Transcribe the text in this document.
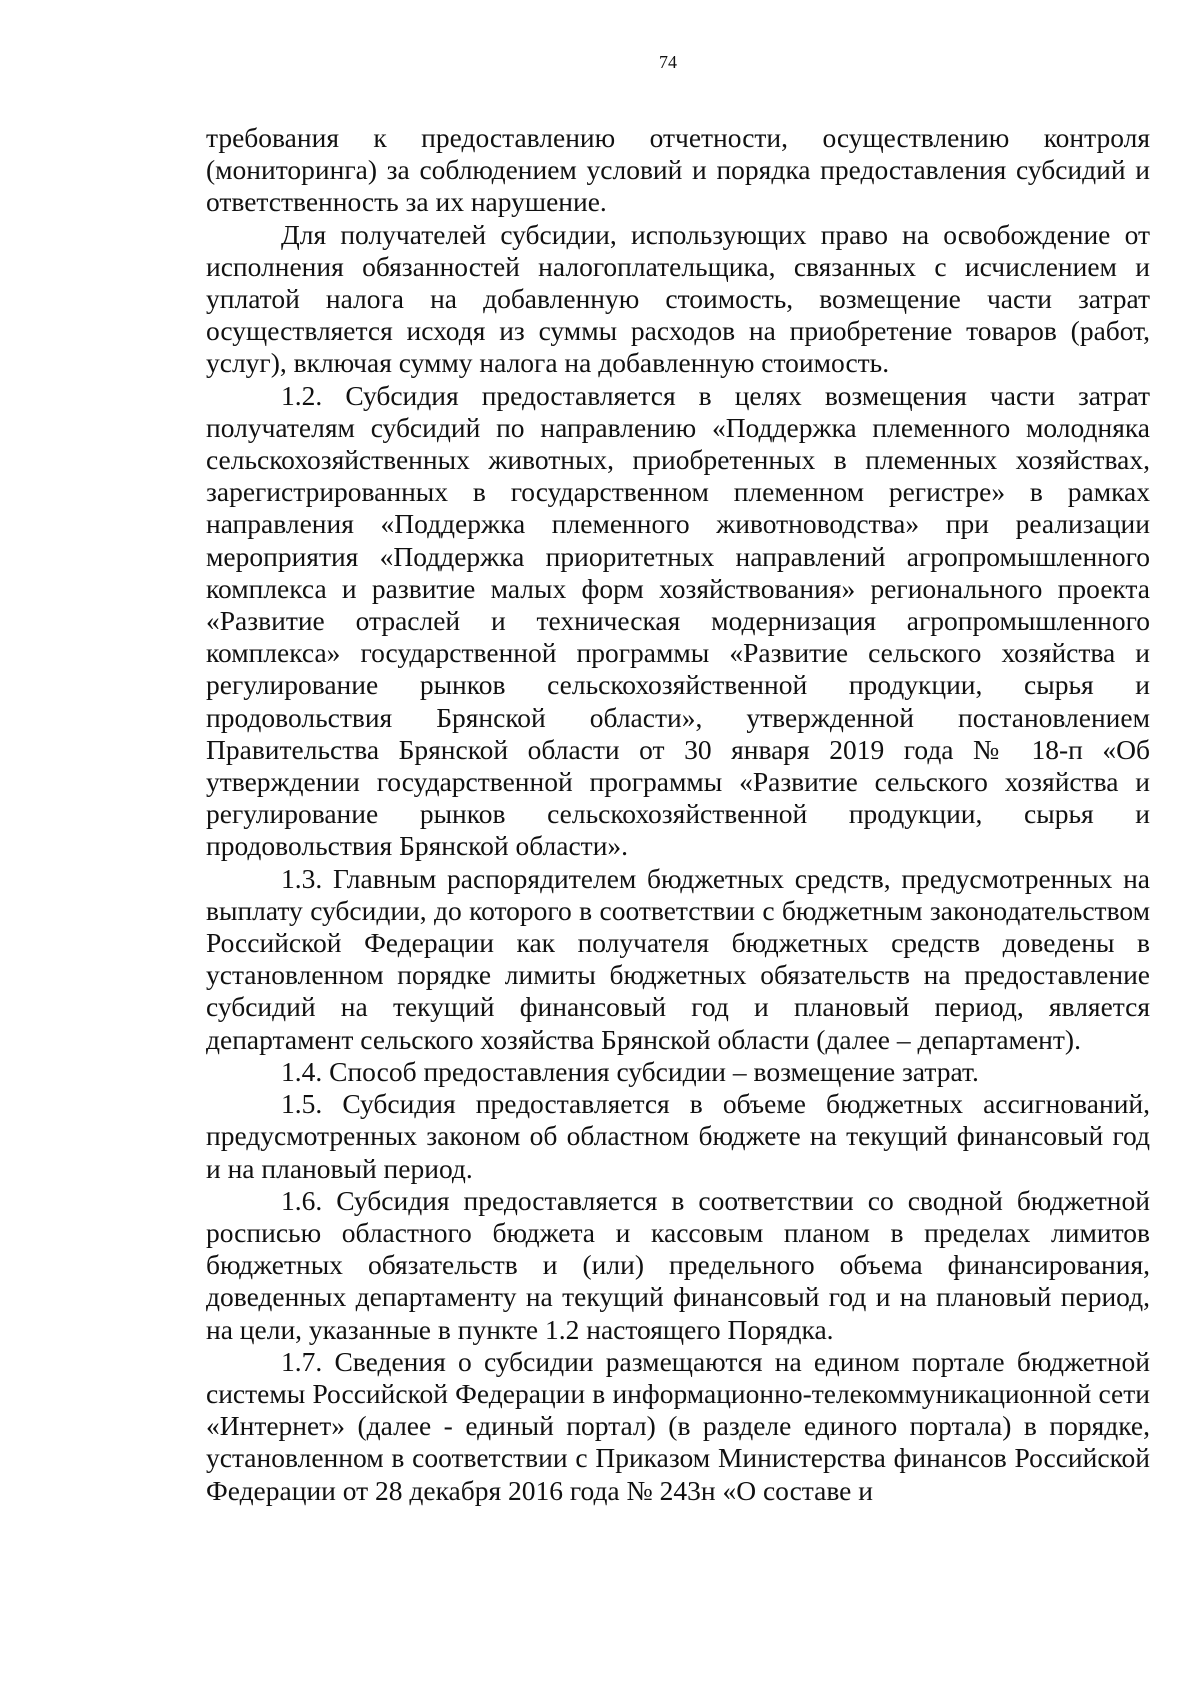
74

требования к предоставлению отчетности, осуществлению контроля (мониторинга) за соблюдением условий и порядка предоставления субсидий и ответственность за их нарушение.

Для получателей субсидии, использующих право на освобождение от исполнения обязанностей налогоплательщика, связанных с исчислением и уплатой налога на добавленную стоимость, возмещение части затрат осуществляется исходя из суммы расходов на приобретение товаров (работ, услуг), включая сумму налога на добавленную стоимость.

1.2. Субсидия предоставляется в целях возмещения части затрат получателям субсидий по направлению «Поддержка племенного молодняка сельскохозяйственных животных, приобретенных в племенных хозяйствах, зарегистрированных в государственном племенном регистре» в рамках направления «Поддержка племенного животноводства» при реализации мероприятия «Поддержка приоритетных направлений агропромышленного комплекса и развитие малых форм хозяйствования» регионального проекта «Развитие отраслей и техническая модернизация агропромышленного комплекса» государственной программы «Развитие сельского хозяйства и регулирование рынков сельскохозяйственной продукции, сырья и продовольствия Брянской области», утвержденной постановлением Правительства Брянской области от 30 января 2019 года № 18-п «Об утверждении государственной программы «Развитие сельского хозяйства и регулирование рынков сельскохозяйственной продукции, сырья и продовольствия Брянской области».

1.3. Главным распорядителем бюджетных средств, предусмотренных на выплату субсидии, до которого в соответствии с бюджетным законодательством Российской Федерации как получателя бюджетных средств доведены в установленном порядке лимиты бюджетных обязательств на предоставление субсидий на текущий финансовый год и плановый период, является департамент сельского хозяйства Брянской области (далее – департамент).

1.4. Способ предоставления субсидии – возмещение затрат.

1.5. Субсидия предоставляется в объеме бюджетных ассигнований, предусмотренных законом об областном бюджете на текущий финансовый год и на плановый период.

1.6. Субсидия предоставляется в соответствии со сводной бюджетной росписью областного бюджета и кассовым планом в пределах лимитов бюджетных обязательств и (или) предельного объема финансирования, доведенных департаменту на текущий финансовый год и на плановый период, на цели, указанные в пункте 1.2 настоящего Порядка.

1.7. Сведения о субсидии размещаются на едином портале бюджетной системы Российской Федерации в информационно-телекоммуникационной сети «Интернет» (далее - единый портал) (в разделе единого портала) в порядке, установленном в соответствии с Приказом Министерства финансов Российской Федерации от 28 декабря 2016 года № 243н «О составе и
